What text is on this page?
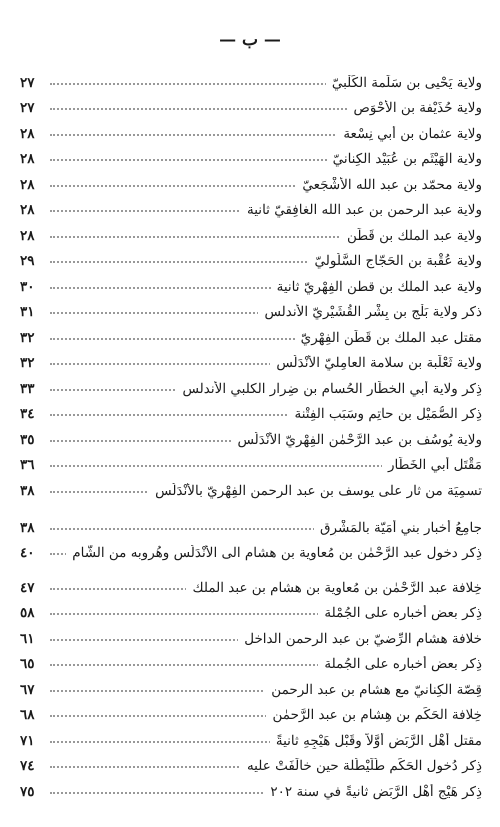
— ب —
ولاية يَحْيى بن سَلَمة الكَلْبيّ
٢٧
ولاية حُذَيْفة بن الأَحْوَص
٢٧
ولاية عثمان بن أبي نِسْعة
٢٨
ولاية الهَيْثَم بن عُبَيْد الكِنانيّ
٢٨
ولاية محمّد بن عبد الله الأَشْجَعيّ
٢٨
ولاية عبد الرحمن بن عبد الله الغافِقيّ ثانية
٢٨
ولاية عبد الملك بن قَطَن
٢٨
ولاية عُقْبة بن الحَجّاج السَّلُوليّ
٢٩
ولاية عبد الملك بن قطن الفِهْريّ ثانية
٣٠
ذكر ولاية بَلْج بن بِشْر القُشَيْريّ الأندلس
٣١
مقتل عبد الملك بن قَطَن الفِهْريّ
٣٢
ولاية ثَعْلَبة بن سلامة العامِليّ الأَنْدَلُس
٣٢
ذِكر ولاية أبي الخطّار الحُسام بن ضِرار الكلبي الأندلس
٣٣
ذِكر الصُّمَيْل بن حاتِم وسَبَب الفِتْنة
٣٤
ولاية يُوسُف بن عبد الرَّحْمٰن الفِهْريّ الأَنْدَلُس
٣٥
مَقْتَل أبي الخَطّار
٣٦
تسمِيَة من ثار على يوسف بن عبد الرحمن الفِهْريّ بالأَنْدَلُس
٣٨
جامِعُ أخبار بني أُمَيّة بالمَشْرِق
٣٨
ذِكر دخول عبد الرَّحْمٰن بن مُعاوية بن هشام الى الأَنْدَلُس وهُروبه من الشّام
٤٠
خِلافة عبد الرَّحْمٰن بن مُعاوية بن هشام بن عبد الملك
٤٧
ذِكر بعض أَخباره على الجُمْلة
٥٨
خلافة هشام الرِّضيّ بن عبد الرحمن الداخل
٦١
ذِكر بعض أَخباره على الجُملة
٦٥
قِصّة الكِنانيّ مع هشام بن عبد الرحمن
٦٧
خِلافة الحَكَم بن هِشام بن عبد الرَّحمٰن
٦٨
مقتل أَهْل الرَّبَض أَوَّلاً وقَبْل هَيْجِهِ ثانيةً
٧١
ذِكر دُخول الحَكَم طُلَيْطُلة حين خالَفَتْ عليه
٧٤
ذِكر هَيْج أَهْل الرَّبَض ثانيةً في سنة ٢٠٢
٧٥
